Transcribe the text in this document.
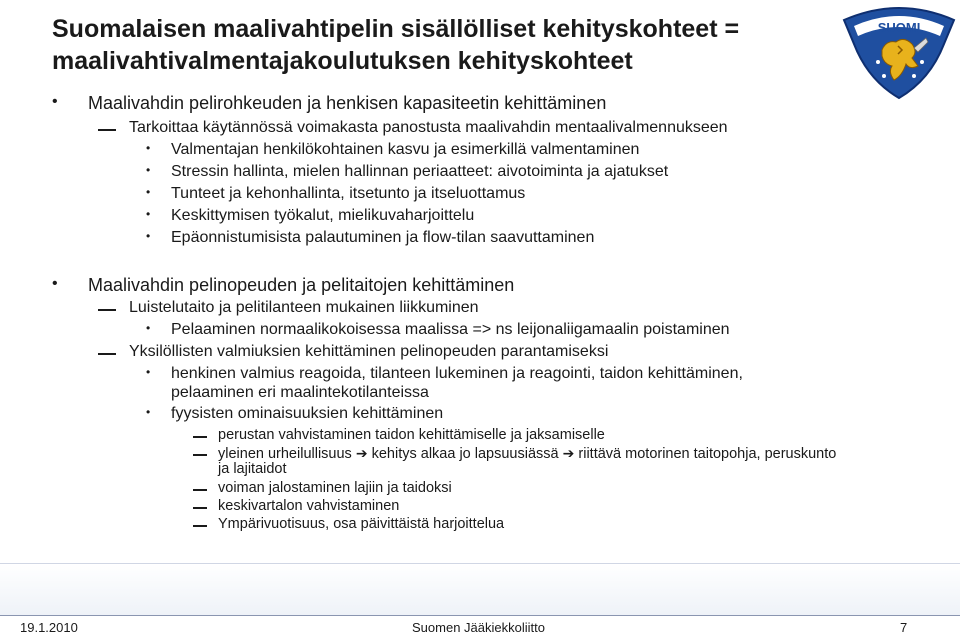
Suomalaisen maalivahtipelin sisällölliset kehityskohteet =
maalivahtivalmentajakoulutuksen kehityskohteet
SUOMI
• Maalivahdin pelirohkeuden ja henkisen kapasiteetin kehittäminen
Tarkoittaa käytännössä voimakasta panostusta maalivahdin mentaalivalmennukseen
• Valmentajan henkilökohtainen kasvu ja esimerkillä valmentaminen
• Stressin hallinta, mielen hallinnan periaatteet: aivotoiminta ja ajatukset
• Tunteet ja kehonhallinta, itsetunto ja itseluottamus
• Keskittymisen työkalut, mielikuvaharjoittelu
• Epäonnistumisista palautuminen ja flow-tilan saavuttaminen
• Maalivahdin pelinopeuden ja pelitaitojen kehittäminen
Luistelutaito ja pelitilanteen mukainen liikkuminen
• Pelaaminen normaalikokoisessa maalissa => ns leijonaliigamaalin poistaminen
Yksilöllisten valmiuksien kehittäminen pelinopeuden parantamiseksi
• henkinen valmius reagoida, tilanteen lukeminen ja reagointi, taidon kehittäminen,
pelaaminen eri maalintekotilanteissa
• fyysisten ominaisuuksien kehittäminen
perustan vahvistaminen taidon kehittämiselle ja jaksamiselle
yleinen urheilullisuus ➔ kehitys alkaa jo lapsuusiässä ➔ riittävä motorinen taitopohja, peruskunto
ja lajitaidot
voiman jalostaminen lajiin ja taidoksi
keskivartalon vahvistaminen
Ympärivuotisuus, osa päivittäistä harjoittelua
19.1.2010	Suomen Jääkiekkoliitto	7
